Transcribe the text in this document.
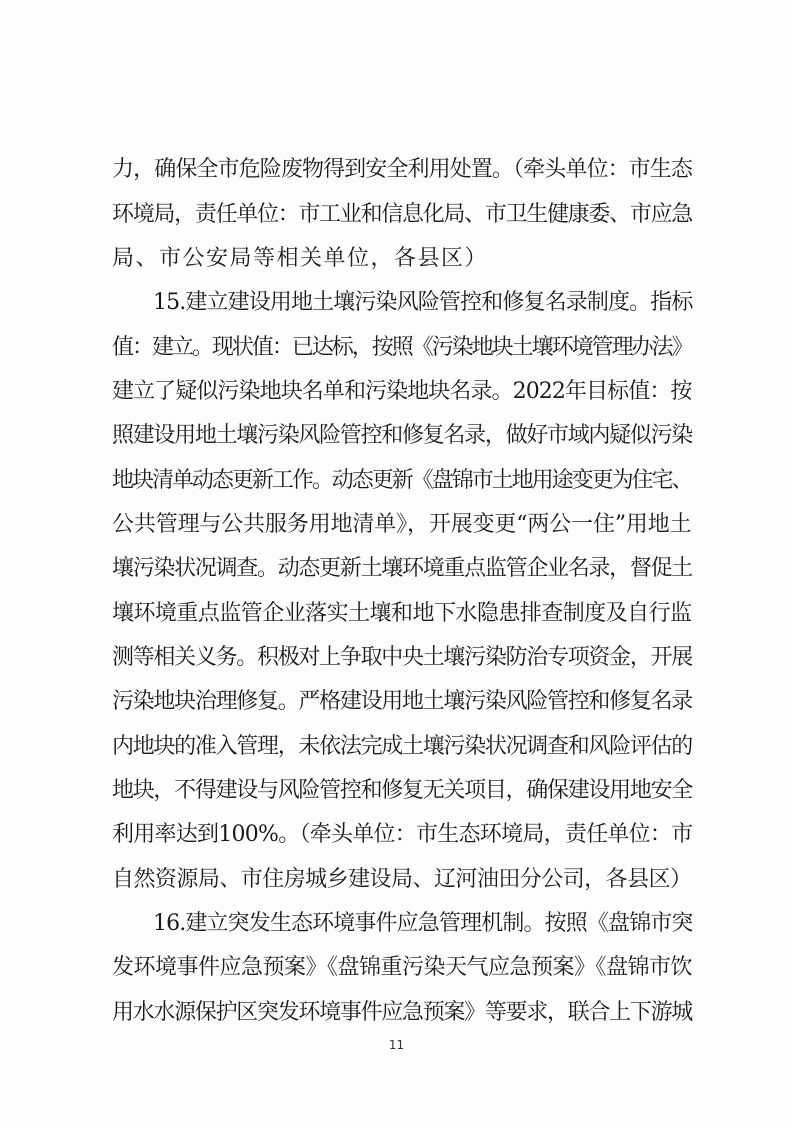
力，确保全市危险废物得到安全利用处置。（牵头单位：市生态
环境局，责任单位：市工业和信息化局、市卫生健康委、市应急
局、市公安局等相关单位，各县区）
15.建立建设用地土壤污染风险管控和修复名录制度。指标
值：建立。现状值：已达标，按照《污染地块土壤环境管理办法》
建立了疑似污染地块名单和污染地块名录。2022年目标值：按
照建设用地土壤污染风险管控和修复名录，做好市域内疑似污染
地块清单动态更新工作。动态更新《盘锦市土地用途变更为住宅、
公共管理与公共服务用地清单》，开展变更“两公一住”用地土
壤污染状况调查。动态更新土壤环境重点监管企业名录，督促土
壤环境重点监管企业落实土壤和地下水隐患排查制度及自行监
测等相关义务。积极对上争取中央土壤污染防治专项资金，开展
污染地块治理修复。严格建设用地土壤污染风险管控和修复名录
内地块的准入管理，未依法完成土壤污染状况调查和风险评估的
地块，不得建设与风险管控和修复无关项目，确保建设用地安全
利用率达到100%。（牵头单位：市生态环境局，责任单位：市
自然资源局、市住房城乡建设局、辽河油田分公司，各县区）
16.建立突发生态环境事件应急管理机制。按照《盘锦市突
发环境事件应急预案》《盘锦重污染天气应急预案》《盘锦市饮
用水水源保护区突发环境事件应急预案》等要求，联合上下游城
11
